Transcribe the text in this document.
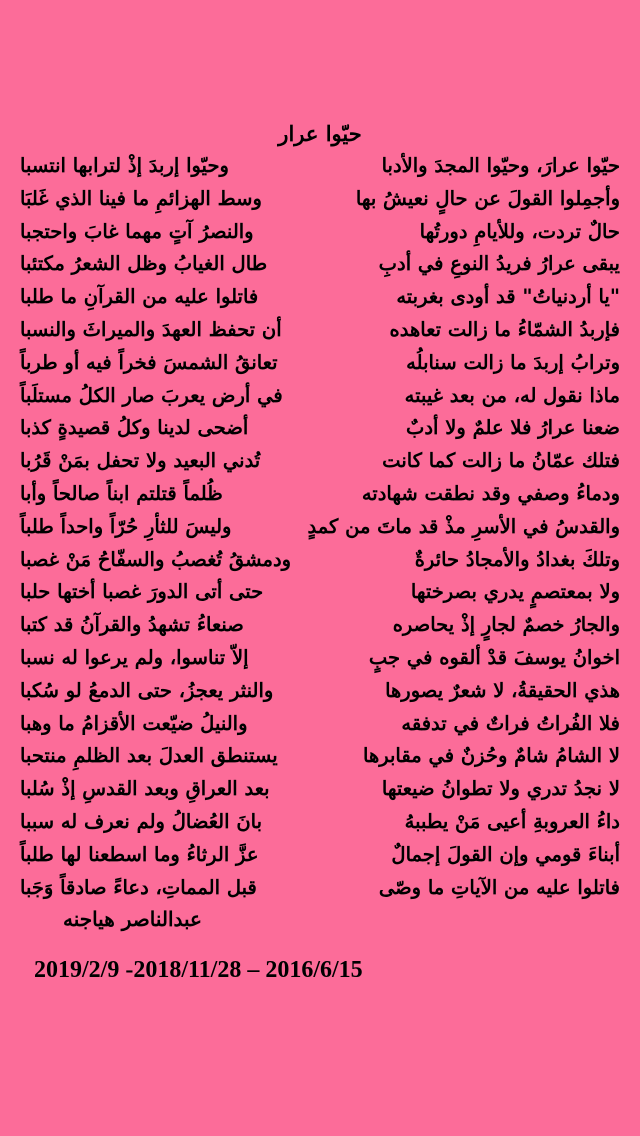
حيّوا عرار
حيّوا عرارَ، وحيّوا المجدَ والأدبا
وحيّوا إربدَ إذْ لترابها انتسبا
وأجمِلوا القولَ عن حالٍ نعيشُ بها
وسط الهزائمِ ما فينا الذي غَلبَا
حالٌ تردت، وللأيامِ دورتُها
والنصرُ آتٍ مهما غابَ واحتجبا
يبقى عرارُ فريدُ النوعِ في أدبِ
طال الغيابُ وظل الشعرُ مكتئبا
"يا أردنياتُ" قد أودى بغربته
فاتلوا عليه من القرآنِ ما طلبا
فإربدُ الشمّاءُ ما زالت تعاهده
أن تحفظ العهدَ والميراثَ والنسبا
وترابُ إربدَ ما زالت سنابلُه
تعانقُ الشمسَ فخراً فيه أو طرباً
ماذا نقول له، من بعد غيبته
في أرض يعربَ صار الكلُ مستلَباً
ضعنا عرارُ فلا علمٌ ولا أدبٌ
أضحى لدينا وكلُ قصيدةٍ كذبا
فتلك عمّانُ ما زالت كما كانت
تُدني البعيد ولا تحفل بمَنْ قَرُبا
ودماءُ وصفي وقد نطقت شهادته
ظُلماً قتلتم ابناً صالحاً وأبا
والقدسُ في الأسرِ مذْ قد ماتَ من كمدٍ
وليسَ للثأرِ حُرّاً واحداً طلباً
وتلكَ بغدادُ والأمجادُ حائرةٌ
ودمشقُ تُغصبُ والسفّاحُ مَنْ غصبا
ولا بمعتصمٍ يدري بصرختها
حتى أتى الدورَ غصبا أختها حلبا
والجارُ خصمٌ لجارٍ إذْ يحاصره
صنعاءُ تشهدُ والقرآنُ قد كتبا
اخوانُ يوسفَ قدْ ألقوه في جبٍ
إلاّ تناسوا، ولم يرعوا له نسبا
هذي الحقيقةُ، لا شعرٌ يصورها
والنثر يعجزُ، حتى الدمعُ لو سُكبا
فلا الفُراتُ فراتٌ في تدفقه
والنيلُ ضيّعت الأقزامُ ما وهبا
لا الشامُ شامٌ وحُزنٌ في مقابرها
يستنطق العدلَ بعد الظلمِ منتحبا
لا نجدُ تدري ولا تطوانُ ضيعتها
بعد العراقِ وبعد القدسِ إذْ سُلبا
داءُ العروبةِ أعيى مَنْ يطببهُ
بانَ العُضالُ ولم نعرف له سببا
أبناءَ قومي وإن القولَ إجمالٌ
عزَّ الرثاءُ وما اسطعنا لها طلباً
فاتلوا عليه من الآياتِ ما وصّى
قبل المماتِ، دعاءً صادقاً وَجَبا
عبدالناصر هياجنه
2019/2/9 -2018/11/28 – 2016/6/15
